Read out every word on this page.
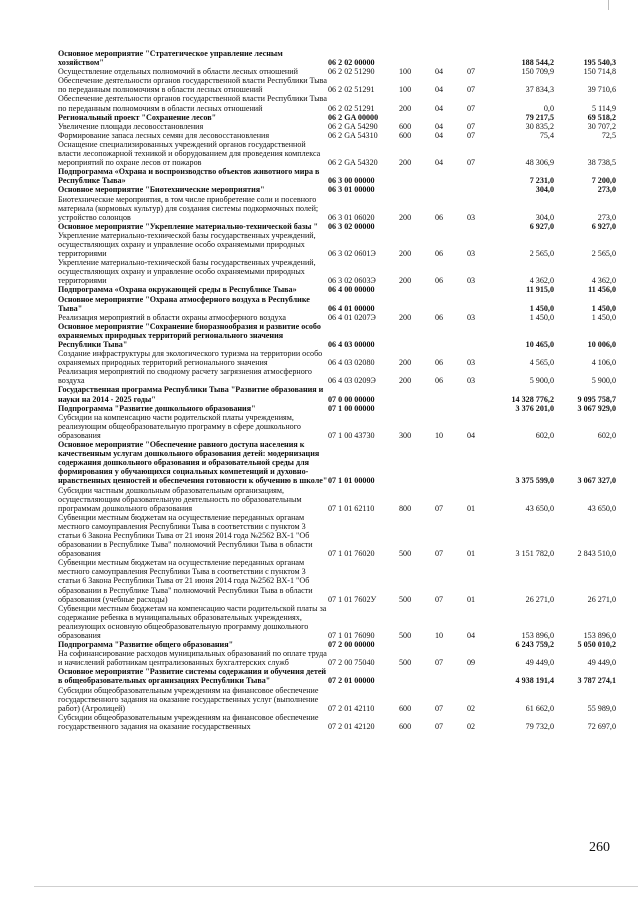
Основное мероприятие "Стратегическое управление лесным хозяйством"	06 2 02 00000				188 544,2	195 540,3
Осуществление отдельных полномочий в области лесных отношений	06 2 02 51290	100	04	07	150 709,9	150 714,8
Обеспечение деятельности органов государственной власти Республики Тыва по переданным полномочиям в области лесных отношений	06 2 02 51291	100	04	07	37 834,3	39 710,6
Обеспечение деятельности органов государственной власти Республики Тыва по переданным полномочиям в области лесных отношений	06 2 02 51291	200	04	07	0,0	5 114,9
Региональный проект "Сохранение лесов"	06 2 GA 00000				79 217,5	69 518,2
Увеличение площади лесовосстановления	06 2 GA 54290	600	04	07	30 835,2	30 707,2
Формирование запаса лесных семян для лесовосстановления	06 2 GA 54310	600	04	07	75,4	72,5
Оснащение специализированных учреждений органов государственной власти лесопожарной техникой и оборудованием для проведения комплекса мероприятий по охране лесов от пожаров	06 2 GA 54320	200	04	07	48 306,9	38 738,5
Подпрограмма «Охрана и воспроизводство объектов животного мира в Республике Тыва»	06 3 00 00000				7 231,0	7 200,0
Основное мероприятие "Биотехнические мероприятия"	06 3 01 00000				304,0	273,0
Биотехнические мероприятия, в том числе приобретение соли и посевного материала (кормовых культур) для создания системы подкормочных полей; устройство солонцов	06 3 01 06020	200	06	03	304,0	273,0
Основное мероприятие "Укрепление материально-технической базы "	06 3 02 00000				6 927,0	6 927,0
Укрепление материально-технической базы государственных учреждений, осуществляющих охрану и управление особо охраняемыми природных территориями	06 3 02 0601Э	200	06	03	2 565,0	2 565,0
Укрепление материально-технической базы государственных учреждений, осуществляющих охрану и управление особо охраняемыми природных территориями	06 3 02 0603Э	200	06	03	4 362,0	4 362,0
Подпрограмма «Охрана окружающей среды в Республике Тыва»	06 4 00 00000				11 915,0	11 456,0
Основное мероприятие "Охрана атмосферного воздуха в Республике Тыва"	06 4 01 00000				1 450,0	1 450,0
Реализация мероприятий в области охраны атмосферного воздуха	06 4 01 0207Э	200	06	03	1 450,0	1 450,0
Основное мероприятие "Сохранение биоразнообразия и развитие особо охраняемых природных территорий регионального значения Республики Тыва"	06 4 03 00000				10 465,0	10 006,0
Создание инфраструктуры для экологического туризма на территории особо охраняемых природных территорий регионального значения	06 4 03 02080	200	06	03	4 565,0	4 106,0
Реализация мероприятий по сводному расчету загрязнения атмосферного воздуха	06 4 03 0209Э	200	06	03	5 900,0	5 900,0
Государственная программа Республики Тыва "Развитие образования и науки на 2014 - 2025 годы"	07 0 00 00000				14 328 776,2	9 095 758,7
Подпрограмма "Развитие дошкольного образования"	07 1 00 00000				3 376 201,0	3 067 929,0
Субсидии на компенсацию части родительской платы учреждениям, реализующим общеобразовательную программу в сфере дошкольного образования	07 1 00 43730	300	10	04	602,0	602,0
Основное мероприятие "Обеспечение равного доступа населения к качественным услугам дошкольного образования детей: модернизация содержания дошкольного образования и образовательной среды для формирования у обучающихся социальных компетенций и духовно-нравственных ценностей и обеспечения готовности к обучению в школе"	07 1 01 00000				3 375 599,0	3 067 327,0
Субсидии частным дошкольным образовательным организациям, осуществляющим образовательную деятельность по образовательным программам дошкольного образования	07 1 01 62110	800	07	01	43 650,0	43 650,0
Субвенции местным бюджетам на осуществление переданных органам местного самоуправления Республики Тыва в соответствии с пунктом 3 статьи 6 Закона Республики Тыва от 21 июня 2014 года №2562 ВХ-1 "Об образовании в Республике Тыва" полномочий Республики Тыва в области образования	07 1 01 76020	500	07	01	3 151 782,0	2 843 510,0
Субвенции местным бюджетам на осуществление переданных органам местного самоуправления Республики Тыва в соответствии с пунктом 3 статьи 6 Закона Республики Тыва от 21 июня 2014 года №2562 ВХ-1 "Об образовании в Республике Тыва" полномочий Республики Тыва в области образования (учебные расходы)	07 1 01 7602У	500	07	01	26 271,0	26 271,0
Субвенции местным бюджетам на компенсацию части родительской платы за содержание ребенка в муниципальных образовательных учреждениях, реализующих основную общеобразовательную программу дошкольного образования	07 1 01 76090	500	10	04	153 896,0	153 896,0
Подпрограмма "Развитие общего образования"	07 2 00 00000				6 243 759,2	5 050 010,2
На софинансирование расходов муниципальных образований по оплате труда и начислений работникам централизованных бухгалтерских служб	07 2 00 75040	500	07	09	49 449,0	49 449,0
Основное мероприятие "Развитие системы содержания и обучения детей в общеобразовательных организациях Республики Тыва"	07 2 01 00000				4 938 191,4	3 787 274,1
Субсидии общеобразовательным учреждениям на финансовое обеспечение государственного задания на оказание государственных услуг (выполнение работ) (Агролицей)	07 2 01 42110	600	07	02	61 662,0	55 989,0
Субсидии общеобразовательным учреждениям на финансовое обеспечение государственного задания на оказание государственных	07 2 01 42120	600	07	02	79 732,0	72 697,0
260
